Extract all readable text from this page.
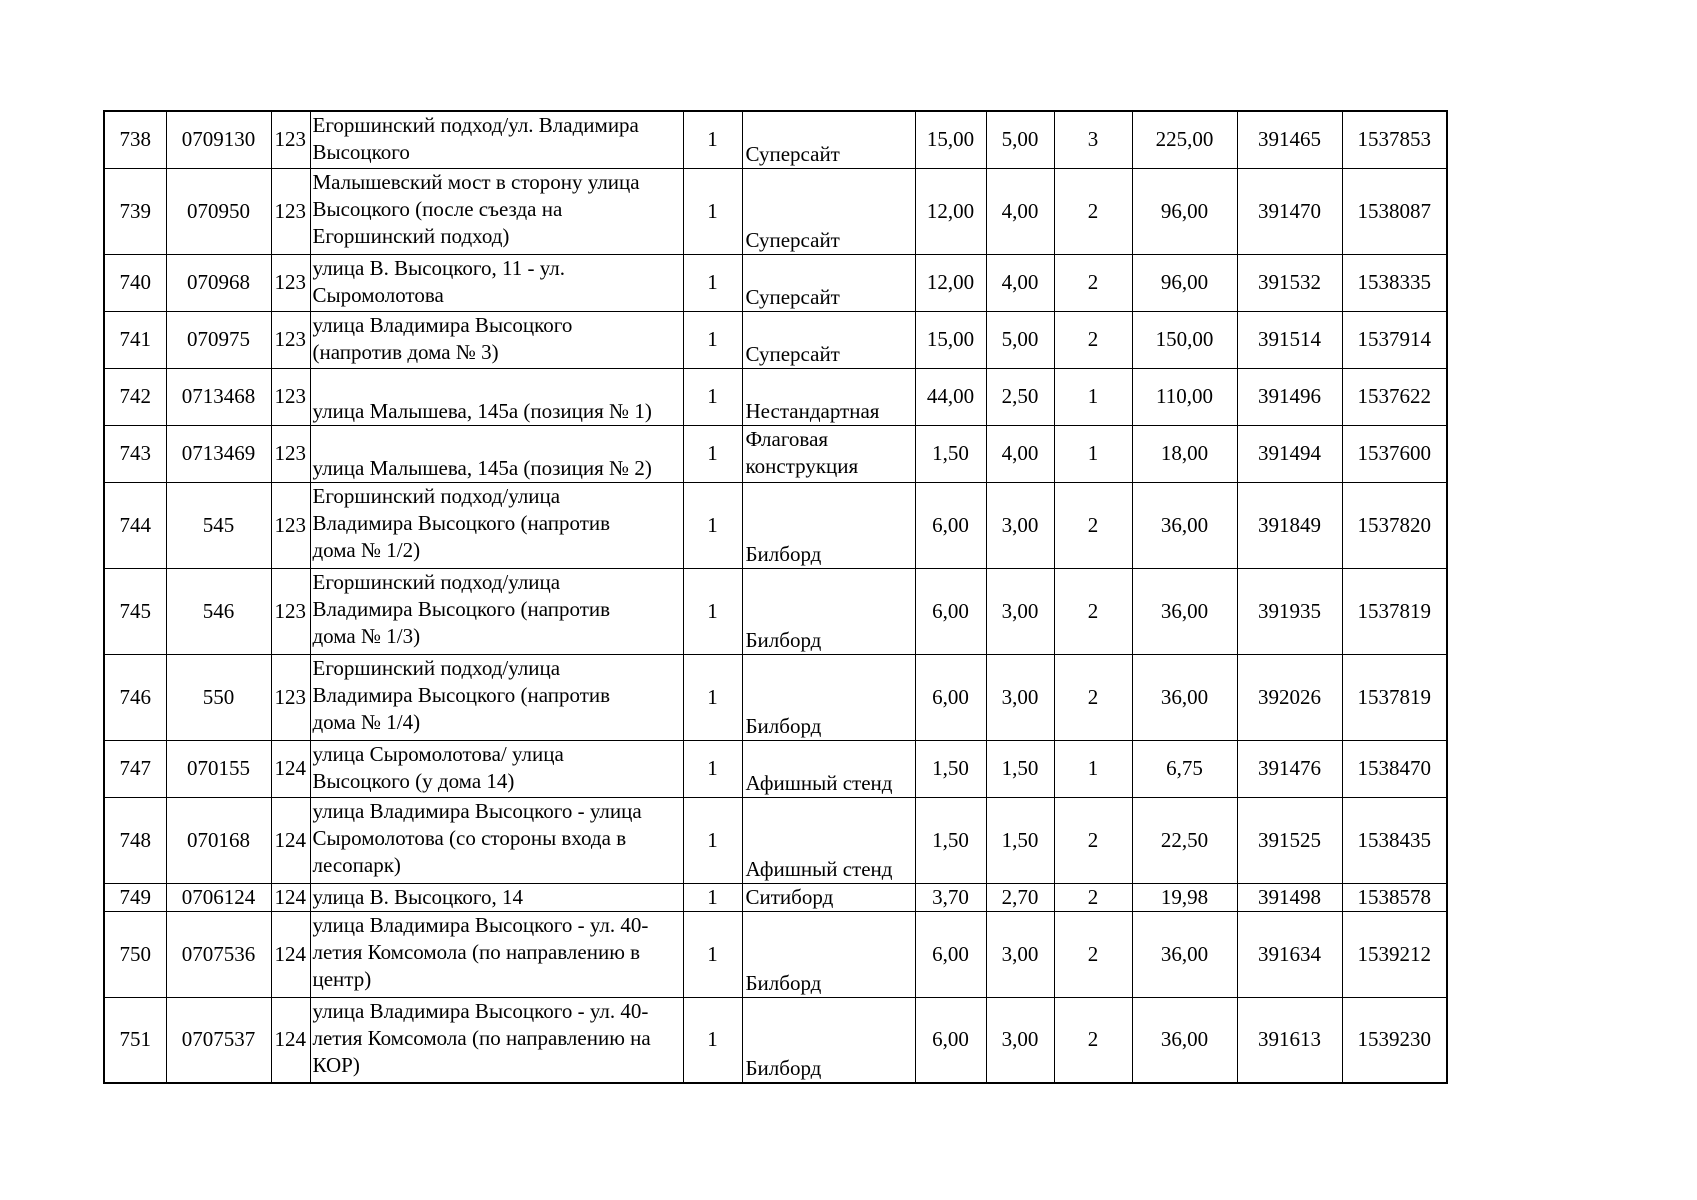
738	0709130	123	Егоршинский подход/ул. Владимира
Высоцкого	1	Суперсайт	15,00	5,00	3	225,00	391465	1537853
739	070950	123	Малышевский мост в сторону улица
Высоцкого (после съезда на
Егоршинский подход)	1	Суперсайт	12,00	4,00	2	96,00	391470	1538087
740	070968	123	улица В. Высоцкого, 11 - ул.
Сыромолотова	1	Суперсайт	12,00	4,00	2	96,00	391532	1538335
741	070975	123	улица Владимира Высоцкого
(напротив дома № 3)	1	Суперсайт	15,00	5,00	2	150,00	391514	1537914
742	0713468	123	улица Малышева, 145а (позиция № 1)	1	Нестандартная	44,00	2,50	1	110,00	391496	1537622
743	0713469	123	улица Малышева, 145а (позиция № 2)	1	Флаговая
конструкция	1,50	4,00	1	18,00	391494	1537600
744	545	123	Егоршинский подход/улица
Владимира Высоцкого (напротив
дома № 1/2)	1	Билборд	6,00	3,00	2	36,00	391849	1537820
745	546	123	Егоршинский подход/улица
Владимира Высоцкого (напротив
дома № 1/3)	1	Билборд	6,00	3,00	2	36,00	391935	1537819
746	550	123	Егоршинский подход/улица
Владимира Высоцкого (напротив
дома № 1/4)	1	Билборд	6,00	3,00	2	36,00	392026	1537819
747	070155	124	улица Сыромолотова/ улица
Высоцкого (у дома 14)	1	Афишный стенд	1,50	1,50	1	6,75	391476	1538470
748	070168	124	улица Владимира Высоцкого - улица
Сыромолотова (со стороны входа в
лесопарк)	1	Афишный стенд	1,50	1,50	2	22,50	391525	1538435
749	0706124	124	улица В. Высоцкого, 14	1	Ситиборд	3,70	2,70	2	19,98	391498	1538578
750	0707536	124	улица Владимира Высоцкого - ул. 40-
летия Комсомола (по направлению в
центр)	1	Билборд	6,00	3,00	2	36,00	391634	1539212
751	0707537	124	улица Владимира Высоцкого - ул. 40-
летия Комсомола (по направлению на
КОР)	1	Билборд	6,00	3,00	2	36,00	391613	1539230
